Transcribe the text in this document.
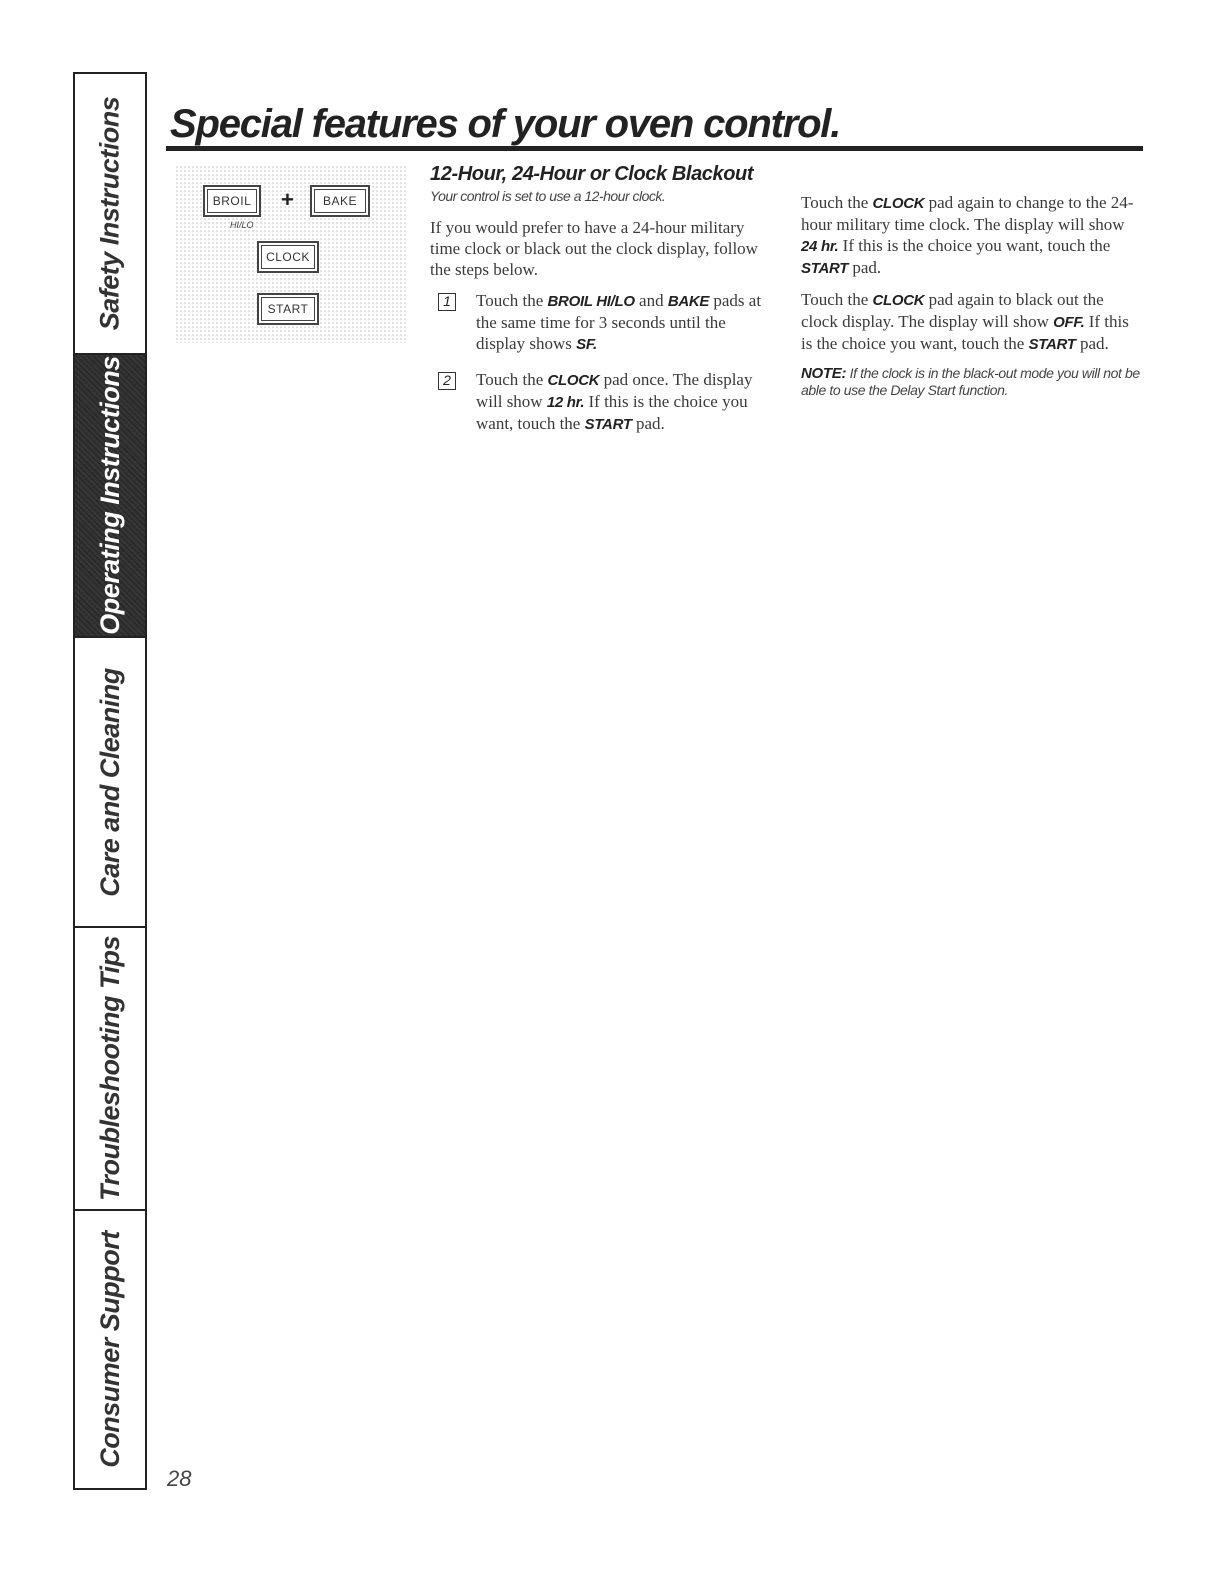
Safety Instructions
Operating Instructions
Care and Cleaning
Troubleshooting Tips
Consumer Support
Special features of your oven control.
BROIL
HI/LO
+	BAKE
CLOCK
START
12-Hour, 24-Hour or Clock Blackout
Your control is set to use a 12-hour clock.

If you would prefer to have a 24-hour military time clock or black out the clock display, follow the steps below.

1	Touch the BROIL HI/LO and BAKE pads at the same time for 3 seconds until the display shows SF.
2	Touch the CLOCK pad once. The display will show 12 hr. If this is the choice you want, touch the START pad.

Touch the CLOCK pad again to change to the 24-hour military time clock. The display will show 24 hr. If this is the choice you want, touch the START pad.

Touch the CLOCK pad again to black out the clock display. The display will show OFF. If this is the choice you want, touch the START pad.

NOTE: If the clock is in the black-out mode you will not be able to use the Delay Start function.

28
